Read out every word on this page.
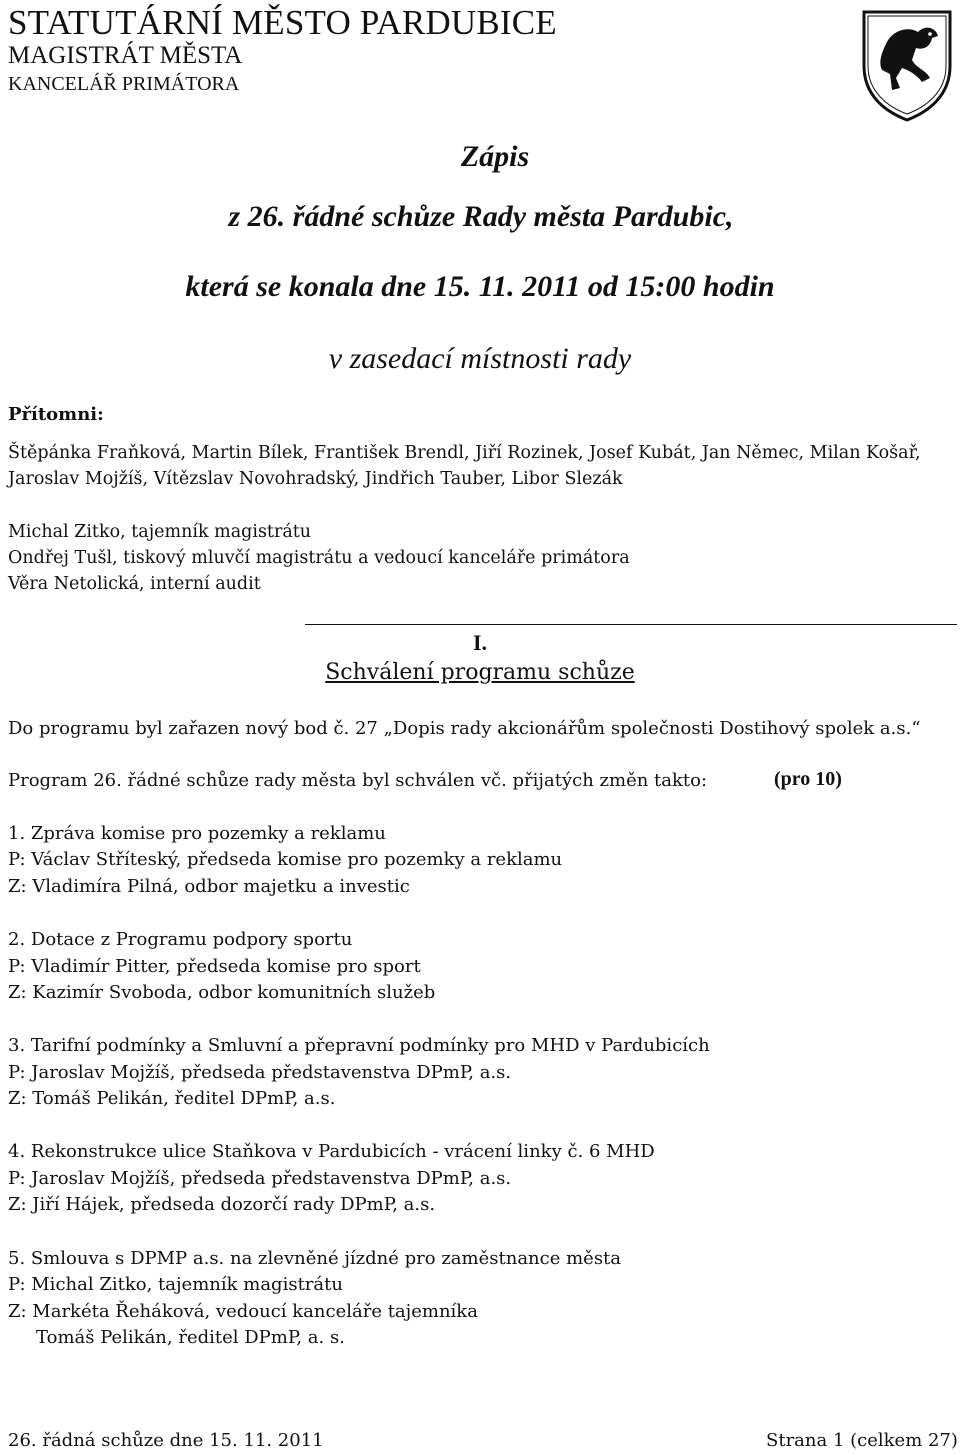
STATUTÁRNÍ MĚSTO PARDUBICE
MAGISTRÁT MĚSTA
KANCELÁŘ PRIMÁTORA
Zápis
z 26. řádné schůze Rady města Pardubic,
která se konala dne 15. 11. 2011 od 15:00 hodin
v zasedací místnosti rady
Přítomni:
Štěpánka Fraňková, Martin Bílek, František Brendl, Jiří Rozinek, Josef Kubát, Jan Němec, Milan Košař,
Jaroslav Mojžíš, Vítězslav Novohradský, Jindřich Tauber, Libor Slezák
Michal Zitko, tajemník magistrátu
Ondřej Tušl, tiskový mluvčí magistrátu a vedoucí kanceláře primátora
Věra Netolická, interní audit
I.
Schválení programu schůze
Do programu byl zařazen nový bod č. 27 „Dopis rady akcionářům společnosti Dostihový spolek a.s.“
Program 26. řádné schůze rady města byl schválen vč. přijatých změn takto:	(pro 10)
1. Zpráva komise pro pozemky a reklamu
P: Václav Stříteský, předseda komise pro pozemky a reklamu
Z: Vladimíra Pilná, odbor majetku a investic
2. Dotace z Programu podpory sportu
P: Vladimír Pitter, předseda komise pro sport
Z: Kazimír Svoboda, odbor komunitních služeb
3. Tarifní podmínky a Smluvní a přepravní podmínky pro MHD v Pardubicích
P: Jaroslav Mojžíš, předseda představenstva DPmP, a.s.
Z: Tomáš Pelikán, ředitel DPmP, a.s.
4. Rekonstrukce ulice Staňkova v Pardubicích - vrácení linky č. 6 MHD
P: Jaroslav Mojžíš, předseda představenstva DPmP, a.s.
Z: Jiří Hájek, předseda dozorčí rady DPmP, a.s.
5. Smlouva s DPMP a.s. na zlevněné jízdné pro zaměstnance města
P: Michal Zitko, tajemník magistrátu
Z: Markéta Řeháková, vedoucí kanceláře tajemníka
Tomáš Pelikán, ředitel DPmP, a. s.
26. řádná schůze dne 15. 11. 2011	Strana 1 (celkem 27)
